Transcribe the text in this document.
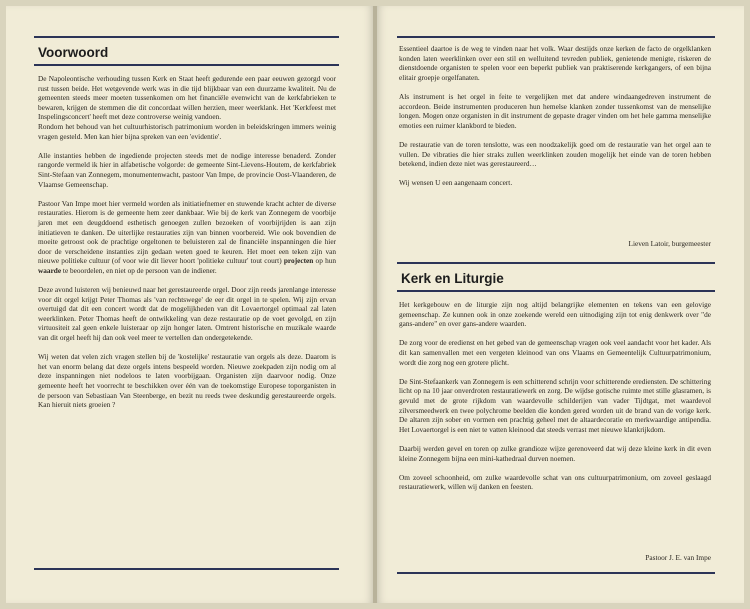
Voorwoord

De Napoleontische verhouding tussen Kerk en Staat heeft gedurende een paar eeuwen gezorgd voor rust tussen beide. Het wetgevende werk was in die tijd blijkbaar van een duurzame kwaliteit. Nu de gemeenten steeds meer moeten tussenkomen om het financiële evenwicht van de kerkfabrieken te bewaren, krijgen de stemmen die dit concordaat willen herzien, meer weerklank. Het 'Kerkfeest met Inspelingsconcert' heeft met deze controverse weinig vandoen.

Rondom het behoud van het cultuurhistorisch patrimonium worden in beleidskringen immers weinig vragen gesteld. Men kan hier bijna spreken van een 'evidentie'.

Alle instanties hebben de ingediende projecten steeds met de nodige interesse benaderd. Zonder rangorde vermeld ik hier in alfabetische volgorde: de gemeente Sint-Lievens-Houtem, de kerkfabriek Sint-Stefaan van Zonnegem, monumentenwacht, pastoor Van Impe, de provincie Oost-Vlaanderen, de Vlaamse Gemeenschap.

Pastoor Van Impe moet hier vermeld worden als initiatiefnemer en stuwende kracht achter de diverse restauraties. Hierom is de gemeente hem zeer dankbaar. Wie bij de kerk van Zonnegem de voorbije jaren met een deugddoend esthetisch genoegen zullen bezoeken of voorbijrijden is aan zijn initiatieven te danken. De uiterlijke restauraties zijn van binnen voorbereid. Wie ook bovendien de moeite getroost ook de prachtige orgeltonen te beluisteren zal de financiële inspanningen die hier door de verscheidene instanties zijn gedaan weten goed te keuren. Het moet een teken zijn van nieuwe politieke cultuur (of voor wie dit liever hoort 'politieke cultuur' tout court) projecten op hun waarde te beoordelen, en niet op de persoon van de indiener.

Deze avond luisteren wij benieuwd naar het gerestaureerde orgel. Door zijn reeds jarenlange interesse voor dit orgel krijgt Peter Thomas als 'van rechtswege' de eer dit orgel in te spelen. Wij zijn ervan overtuigd dat dit een concert wordt dat de mogelijkheden van dit Lovaertorgel optimaal zal laten weerklinken. Peter Thomas heeft de ontwikkeling van deze restauratie op de voet gevolgd, en zijn virtuositeit zal geen enkele luisteraar op zijn honger laten. Omtrent historische en muzikale waarde van dit orgel heeft hij dan ook veel meer te vertellen dan ondergetekende.

Wij weten dat velen zich vragen stellen bij de 'kostelijke' restauratie van orgels als deze. Daarom is het van enorm belang dat deze orgels intens bespeeld worden. Nieuwe zoekpaden zijn nodig om al deze inspanningen niet nodeloos te laten voorbijgaan. Organisten zijn daarvoor nodig. Onze gemeente heeft het voorrecht te beschikken over één van de toekomstige Europese toporganisten in de persoon van Sebastiaan Van Steenberge, en bezit nu reeds twee deskundig gerestaureerde orgels. Kan hieruit niets groeien ?

Essentieel daartoe is de weg te vinden naar het volk. Waar destijds onze kerken de facto de orgelklanken konden laten weerklinken over een stil en welluitend tevreden publiek, genietende menigte, riskeren de dienstdoende organisten te spelen voor een beperkt publiek van praktiserende kerkgangers, of een bijna elitair groepje orgelfanaten.

Als instrument is het orgel in feite te vergelijken met dat andere windaangedreven instrument de accordeon. Beide instrumenten produceren hun hemelse klanken zonder tussenkomst van de menselijke longen. Mogen onze organisten in dit instrument de gepaste drager vinden om het hele gamma menselijke emoties een ruimer klankbord te bieden.

De restauratie van de toren tenslotte, was een noodzakelijk goed om de restauratie van het orgel aan te vullen. De vibraties die hier straks zullen weerklinken zouden mogelijk het einde van de toren hebben betekend, indien deze niet was gerestaureerd…

Wij wensen U een aangenaam concert.

Lieven Latoir, burgemeester
Kerk en Liturgie

Het kerkgebouw en de liturgie zijn nog altijd belangrijke elementen en tekens van een gelovige gemeenschap. Ze kunnen ook in onze zoekende wereld een uitnodiging zijn tot enig denkwerk over "de gans-andere" en over gans-andere waarden.

De zorg voor de eredienst en het gebed van de gemeenschap vragen ook veel aandacht voor het kader. Als dit kan samenvallen met een vergeten kleinood van ons Vlaams en Gemeentelijk Cultuurpatrimonium, wordt die zorg nog een grotere plicht.

De Sint-Stefaankerk van Zonnegem is een schitterend schrijn voor schitterende erediensten. De schittering licht op na 10 jaar onverdroten restauratiewerk en zorg. De wijdse gotische ruimte met stille glasramen, is gevuld met de grote rijkdom van waardevolle schilderijen van vader Tijdtgat, met waardevol zilversmeedwerk en twee polychrome beelden die konden gered worden uit de brand van de vorige kerk. De altaren zijn sober en vormen een prachtig geheel met de altaardecoratie en merkwaardige antipendia. Het Lovaertorgel is een niet te vatten kleinood dat steeds verrast met nieuwe klankrijkdom.

Daarbij werden gevel en toren op zulke grandioze wijze gerenoveerd dat wij deze kleine kerk in dit even kleine Zonnegem bijna een mini-kathedraal durven noemen.

Om zoveel schoonheid, om zulke waardevolle schat van ons cultuurpatrimonium, om zoveel geslaagd restauratiewerk, willen wij danken en feesten.

Pastoor J. E. van Impe
